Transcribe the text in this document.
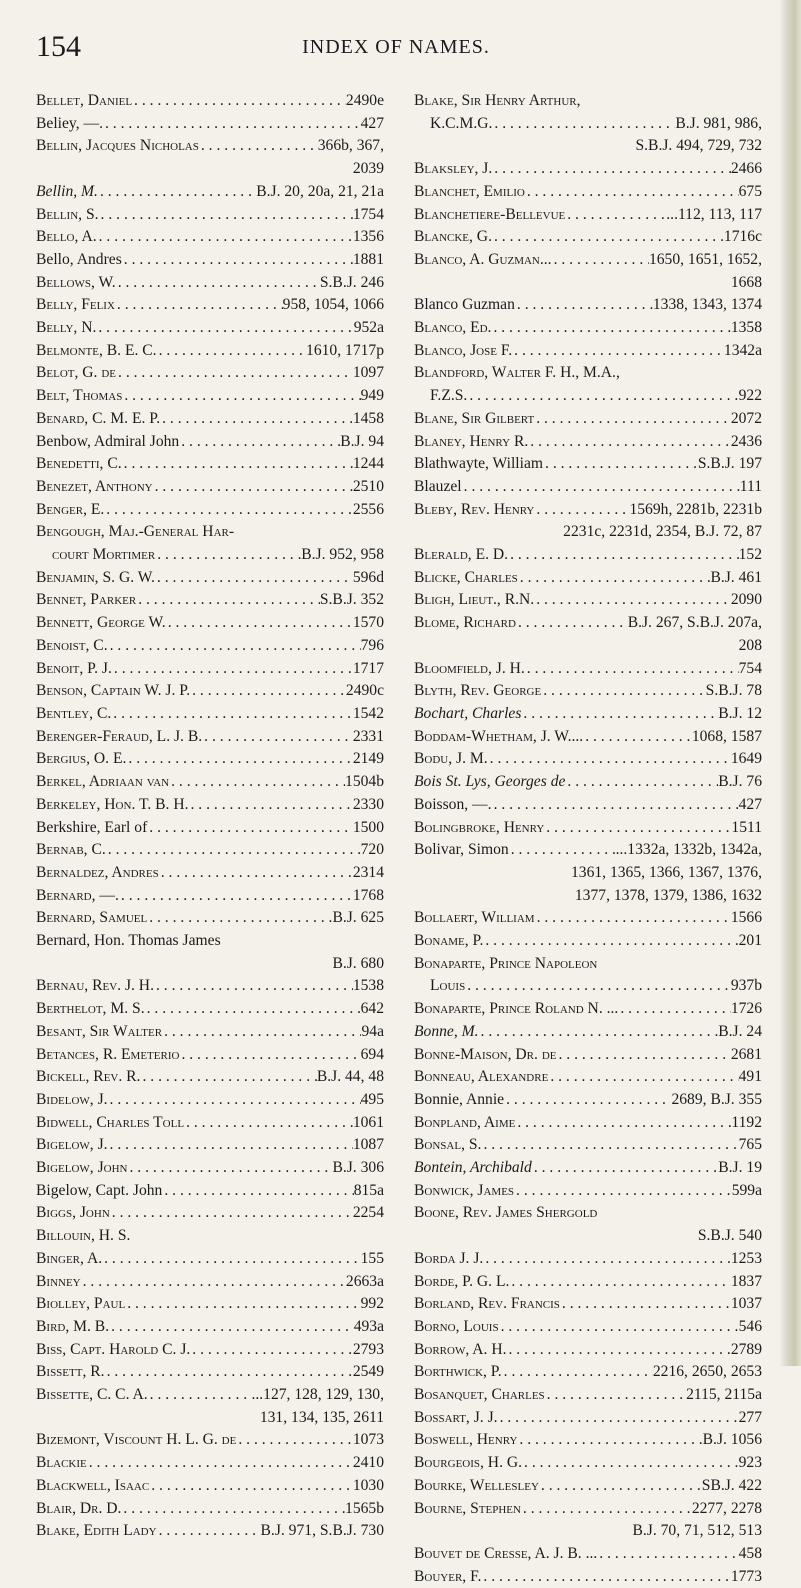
154	INDEX OF NAMES.
Bellet, Daniel . . .	2490e
Beliey, —. . . .	427
Bellin, Jacques Nicholas . . .	366b, 367,
2039
Bellin, M. . . .	B.J. 20, 20a, 21, 21a
Bellin, S. . . .	1754
Bello, A. . . .	1356
Bello, Andres . . .	1881
Bellows, W. . . .	S.B.J. 246
Belly, Felix . . .	958, 1054, 1066
Belly, N. . . .	952a
Belmonte, B. E. C. . . .	1610, 1717p
Belot, G. de . . .	1097
Belt, Thomas . . .	949
Benard, C. M. E. P. . . .	1458
Benbow, Admiral John . . .	B.J. 94
Benedetti, C. . . .	1244
Benezet, Anthony . . .	2510
Benger, E. . . .	2556
Bengough, Maj.-General Har-
court Mortimer . . .	B.J. 952, 958
Benjamin, S. G. W. . . .	596d
Bennet, Parker . . .	S.B.J. 352
Bennett, George W. . . .	1570
Benoist, C. . . .	796
Benoit, P. J. . . .	1717
Benson, Captain W. J. P. . . .	2490c
Bentley, C. . . .	1542
Berenger-Feraud, L. J. B. . . .	2331
Bergius, O. E. . . .	2149
Berkel, Adriaan van . . .	1504b
Berkeley, Hon. T. B. H. . . .	2330
Berkshire, Earl of . . .	1500
Bernab, C. . . .	720
Bernaldez, Andres . . .	2314
Bernard, —. . . .	1768
Bernard, Samuel . . .	B.J. 625
Bernard, Hon. Thomas James
B.J. 680
Bernau, Rev. J. H. . . .	1538
Berthelot, M. S. . . .	642
Besant, Sir Walter . . .	94a
Betances, R. Emeterio . . .	694
Bickell, Rev. R. . . .	B.J. 44, 48
Bidelow, J. . . .	495
Bidwell, Charles Toll . . .	1061
Bigelow, J. . . .	1087
Bigelow, John . . .	B.J. 306
Bigelow, Capt. John . . .	815a
Biggs, John . . .	2254
Billouin, H. S.
Binger, A. . . .	155
Binney . . .	2663a
Biolley, Paul . . .	992
Bird, M. B. . . .	493a
Biss, Capt. Harold C. J. . . .	2793
Bissett, R. . . .	2549
Bissette, C. C. A. . . .	...127, 128, 129, 130,
131, 134, 135, 2611
Bizemont, Viscount H. L. G. de . . .	1073
Blackie . . .	2410
Blackwell, Isaac . . .	1030
Blair, Dr. D. . . .	1565b
Blake, Edith Lady . . .	B.J. 971, S.B.J. 730
Blake, Sir Henry Arthur,
K.C.M.G. . . .	B.J. 981, 986,
S.B.J. 494, 729, 732
Blaksley, J. . . .	2466
Blanchet, Emilio . . .	675
Blanchetiere-Bellevue . . .	...112, 113, 117
Blancke, G. . . .	1716c
Blanco, A. Guzman... . . .	1650, 1651, 1652,
1668
Blanco Guzman . . .	1338, 1343, 1374
Blanco, Ed. . . .	1358
Blanco, Jose F. . . .	1342a
Blandford, Walter F. H., M.A.,
F.Z.S. . . .	922
Blane, Sir Gilbert . . .	2072
Blaney, Henry R. . . .	2436
Blathwayte, William . . .	S.B.J. 197
Blauzel . . .	111
Bleby, Rev. Henry . . .	1569h, 2281b, 2231b
2231c, 2231d, 2354, B.J. 72, 87
Blerald, E. D. . . .	152
Blicke, Charles . . .	B.J. 461
Bligh, Lieut., R.N. . . .	2090
Blome, Richard . . .	B.J. 267, S.B.J. 207a,
208
Bloomfield, J. H. . . .	754
Blyth, Rev. George . . .	S.B.J. 78
Bochart, Charles . . .	B.J. 12
Boddam-Whetham, J. W.... . . .	1068, 1587
Bodu, J. M. . . .	1649
Bois St. Lys, Georges de . . .	B.J. 76
Boisson, —. . . .	427
Bolingbroke, Henry . . .	1511
Bolivar, Simon . . .	...1332a, 1332b, 1342a,
1361, 1365, 1366, 1367, 1376,
1377, 1378, 1379, 1386, 1632
Bollaert, William . . .	1566
Boname, P. . . .	201
Bonaparte, Prince Napoleon
Louis . . .	937b
Bonaparte, Prince Roland N. ... . . .	1726
Bonne, M. . . .	B.J. 24
Bonne-Maison, Dr. de . . .	2681
Bonneau, Alexandre . . .	491
Bonnie, Annie . . .	2689, B.J. 355
Bonpland, Aime . . .	1192
Bonsal, S. . . .	765
Bontein, Archibald . . .	B.J. 19
Bonwick, James . . .	599a
Boone, Rev. James Shergold
S.B.J. 540
Borda J. J. . . .	1253
Borde, P. G. L. . . .	1837
Borland, Rev. Francis . . .	1037
Borno, Louis . . .	546
Borrow, A. H. . . .	2789
Borthwick, P. . . .	2216, 2650, 2653
Bosanquet, Charles . . .	2115, 2115a
Bossart, J. J. . . .	277
Boswell, Henry . . .	B.J. 1056
Bourgeois, H. G. . . .	923
Bourke, Wellesley . . .	SB.J. 422
Bourne, Stephen . . .	2277, 2278
B.J. 70, 71, 512, 513
Bouvet de Cresse, A. J. B. ... . . .	458
Bouyer, F. . . .	1773
